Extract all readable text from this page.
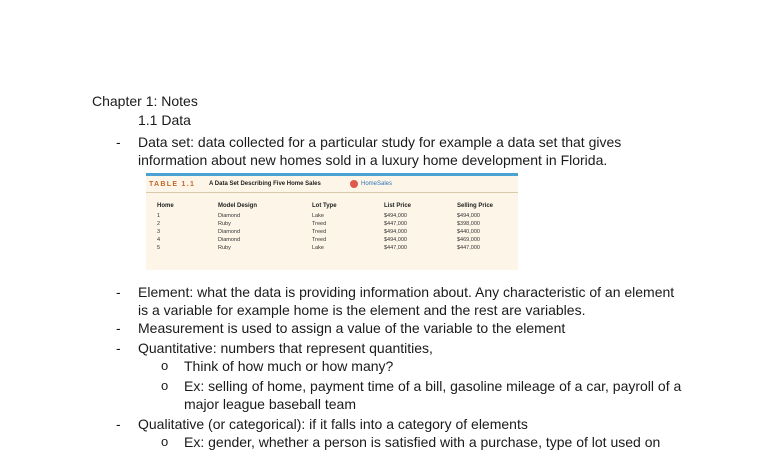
Chapter 1: Notes
1.1 Data
- Data set: data collected for a particular study for example a data set that gives
information about new homes sold in a luxury home development in Florida.
TABLE 1.1 A Data Set Describing Five Home Sales	HomeSales
Home	Model Design	Lot Type	List Price	Selling Price
1	Diamond	Lake	$494,000	$494,000
2	Ruby	Treed	$447,000	$398,000
3	Diamond	Treed	$494,000	$440,000
4	Diamond	Treed	$494,000	$469,000
5	Ruby	Lake	$447,000	$447,000
- Element: what the data is providing information about. Any characteristic of an element
is a variable for example home is the element and the rest are variables.
- Measurement is used to assign a value of the variable to the element
- Quantitative: numbers that represent quantities,
o Think of how much or how many?
o Ex: selling of home, payment time of a bill, gasoline mileage of a car, payroll of a
major league baseball team
- Qualitative (or categorical): if it falls into a category of elements
o Ex: gender, whether a person is satisfied with a purchase, type of lot used on
